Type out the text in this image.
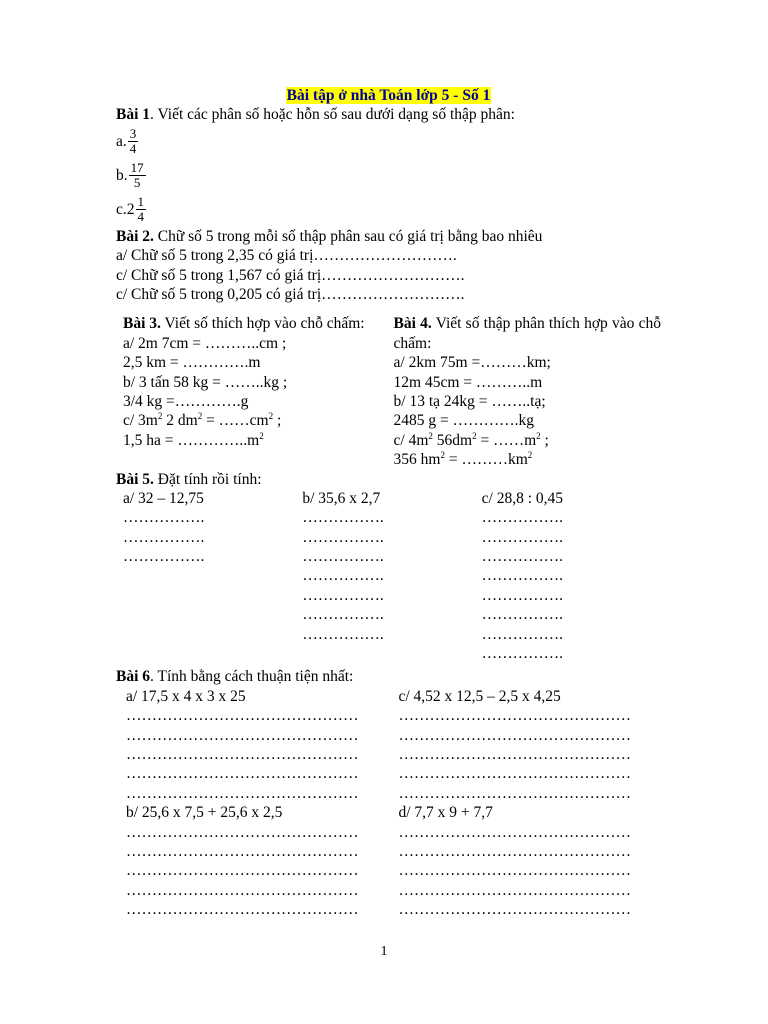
Bài tập ở nhà Toán lớp 5 - Số 1
Bài 1. Viết các phân số hoặc hỗn số sau dưới dạng số thập phân:
a. $\frac{3}{4}$
b. $\frac{17}{5}$
$c.2 \frac{1}{4}$
Bài 2. Chữ số 5 trong mỗi số thập phân sau có giá trị bằng bao nhiêu
a/ Chữ số 5 trong 2,35 có giá trị……………………….
c/ Chữ số 5 trong 1,567 có giá trị……………………….
c/ Chữ số 5 trong 0,205 có giá trị……………………….
Bài 3. Viết số thích hợp vào chỗ chấm:
a/ 2m 7cm = ………..cm ;
2,5 km = ………….m
b/ 3 tấn 58 kg = ……..kg ;
3/4 kg =………….g
c/ $3m^2$ 2 $dm^2$ = $\dots\dots cm^2$ ;
1,5 ha = $\dots\dots\dots\dots..m^2$
Bài 4. Viết số thập phân thích hợp vào chỗ chấm:
a/ 2km 75m =………km;
12m 45cm = ………..m
b/ 13 tạ 24kg = ……..tạ;
2485 g = ………….kg
c/ $4m^2$ $56dm^2$ = $\dots\dots m^2$ ;
356 $hm^2$ = $\dots\dots\dots km^2$
Bài 5. Đặt tính rồi tính:
a/ 32 – 12,75
…………….
…………….
…………….
b/ 35,6 x 2,7
…………….
…………….
…………….
…………….
…………….
…………….
…………….
c/ 28,8 : 0,45
…………….
…………….
…………….
…………….
…………….
…………….
…………….
…………….
Bài 6. Tính bằng cách thuận tiện nhất:
a/ 17,5 x 4 x 3 x 25
………………………………………
………………………………………
………………………………………
………………………………………
………………………………………
c/ 4,52 x 12,5 – 2,5 x 4,25
………………………………………
………………………………………
………………………………………
………………………………………
………………………………………
b/ 25,6 x 7,5 + 25,6 x 2,5
………………………………………
………………………………………
………………………………………
………………………………………
………………………………………
d/ 7,7 x 9 + 7,7
………………………………………
………………………………………
………………………………………
………………………………………
………………………………………
1
